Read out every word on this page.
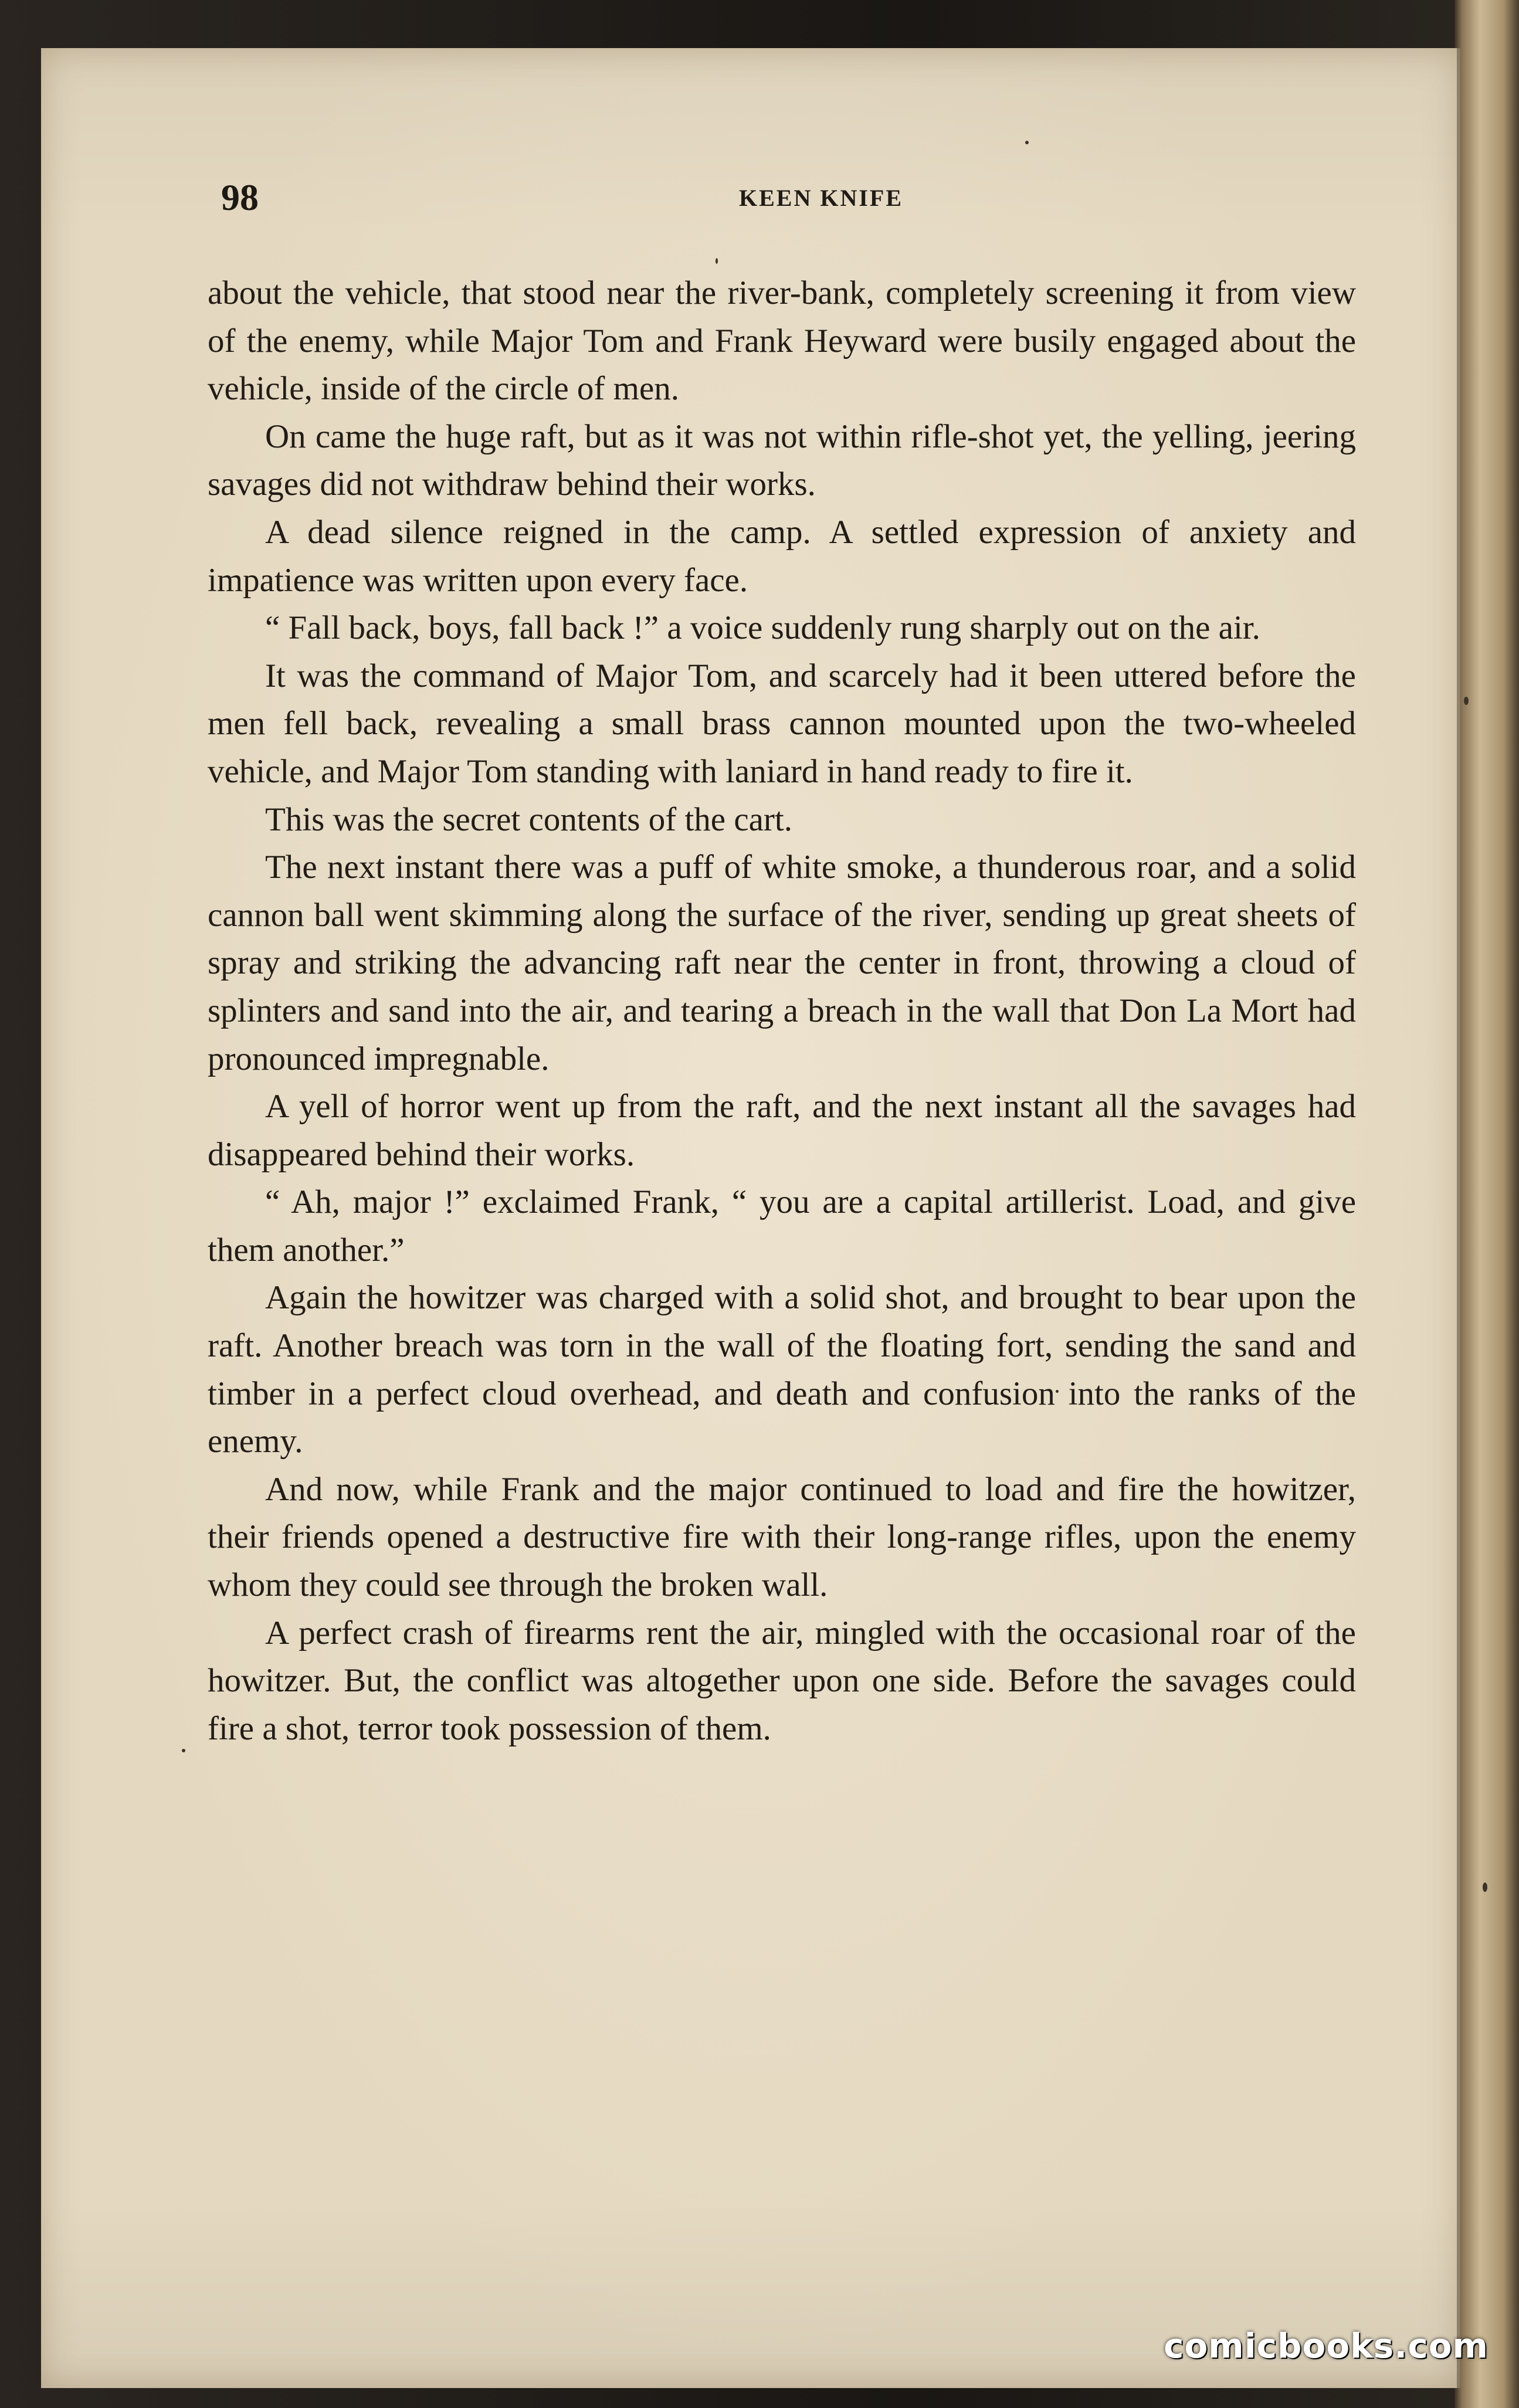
98	KEEN KNIFE

about the vehicle, that stood near the river-bank, completely screening it from view of the enemy, while Major Tom and Frank Heyward were busily engaged about the vehicle, inside of the circle of men.

On came the huge raft, but as it was not within rifle-shot yet, the yelling, jeering savages did not withdraw behind their works.

A dead silence reigned in the camp. A settled expression of anxiety and impatience was written upon every face.

“ Fall back, boys, fall back !” a voice suddenly rung sharply out on the air.

It was the command of Major Tom, and scarcely had it been uttered before the men fell back, revealing a small brass cannon mounted upon the two-wheeled vehicle, and Major Tom standing with laniard in hand ready to fire it.

This was the secret contents of the cart.

The next instant there was a puff of white smoke, a thunderous roar, and a solid cannon ball went skimming along the surface of the river, sending up great sheets of spray and striking the advancing raft near the center in front, throwing a cloud of splinters and sand into the air, and tearing a breach in the wall that Don La Mort had pronounced impregnable.

A yell of horror went up from the raft, and the next instant all the savages had disappeared behind their works.

“ Ah, major !” exclaimed Frank, “ you are a capital artillerist. Load, and give them another.”

Again the howitzer was charged with a solid shot, and brought to bear upon the raft. Another breach was torn in the wall of the floating fort, sending the sand and timber in a perfect cloud overhead, and death and confusion into the ranks of the enemy.

And now, while Frank and the major continued to load and fire the howitzer, their friends opened a destructive fire with their long-range rifles, upon the enemy whom they could see through the broken wall.

A perfect crash of firearms rent the air, mingled with the occasional roar of the howitzer. But, the conflict was altogether upon one side. Before the savages could fire a shot, terror took possession of them.

comicbooks.com
